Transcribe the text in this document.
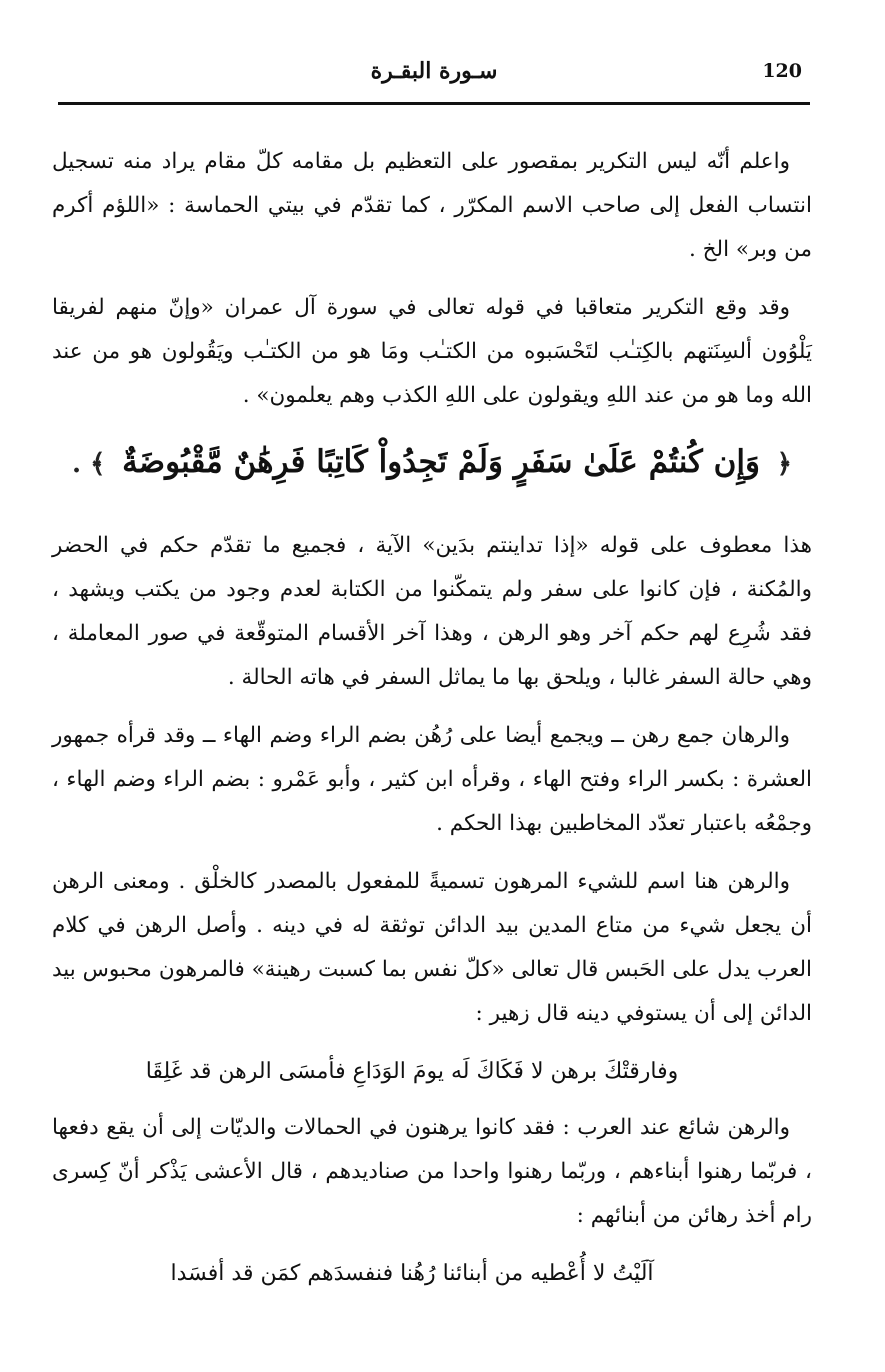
120
سـورة البقـرة

واعلم أنّه ليس التكرير بمقصور على التعظيم بل مقامه كلّ مقام يراد منه تسجيل انتساب الفعل إلى صاحب الاسم المكرّر ، كما تقدّم في بيتي الحماسة : «اللؤم أكرم من وبر» الخ .

وقد وقع التكرير متعاقبا في قوله تعالى في سورة آل عمران «وإنّ منهم لفريقا يَلْوُون ألسِنَتهم بالكِتـٰب لتَحْسَبوه من الكتـٰب ومَا هو من الكتـٰب ويَقُولون هو من عند الله وما هو من عند اللهِ ويقولون على اللهِ الكذب وهم يعلمون» .

﴿ وَإِن كُنتُمْ عَلَىٰ سَفَرٍ وَلَمْ تَجِدُواْ كَاتِبًا فَرِهَٰنٌ مَّقْبُوضَةٌ ﴾ .

هذا معطوف على قوله «إذا تداينتم بدَين» الآية ، فجميع ما تقدّم حكم في الحضر والمُكنة ، فإن كانوا على سفر ولم يتمكّنوا من الكتابة لعدم وجود من يكتب ويشهد ، فقد شُرِع لهم حكم آخر وهو الرهن ، وهذا آخر الأقسام المتوقّعة في صور المعاملة ، وهي حالة السفر غالبا ، ويلحق بها ما يماثل السفر في هاته الحالة .

والرهان جمع رهن ــ ويجمع أيضا على رُهُن بضم الراء وضم الهاء ــ وقد قرأه جمهور العشرة : بكسر الراء وفتح الهاء ، وقرأه ابن كثير ، وأبو عَمْرو : بضم الراء وضم الهاء ، وجمْعُه باعتبار تعدّد المخاطبين بهذا الحكم .

والرهن هنا اسم للشيء المرهون تسميةً للمفعول بالمصدر كالخلْق . ومعنى الرهن أن يجعل شيء من متاع المدين بيد الدائن توثقة له في دينه . وأصل الرهن في كلام العرب يدل على الحَبس قال تعالى «كلّ نفس بما كسبت رهينة» فالمرهون محبوس بيد الدائن إلى أن يستوفي دينه قال زهير :

وفارقتْكَ برهن لا فَكَاكَ لَه يومَ الوَدَاعِ فأمسَى الرهن قد غَلِقَا

والرهن شائع عند العرب : فقد كانوا يرهنون في الحمالات والديّات إلى أن يقع دفعها ، فربّما رهنوا أبناءهم ، وربّما رهنوا واحدا من صناديدهم ، قال الأعشى يَذْكر أنّ كِسرى رام أخذ رهائن من أبنائهم :

آلَيْتُ لا أُعْطيه من أبنائنا رُهُنا فنفسدَهم كمَن قد أفسَدا
